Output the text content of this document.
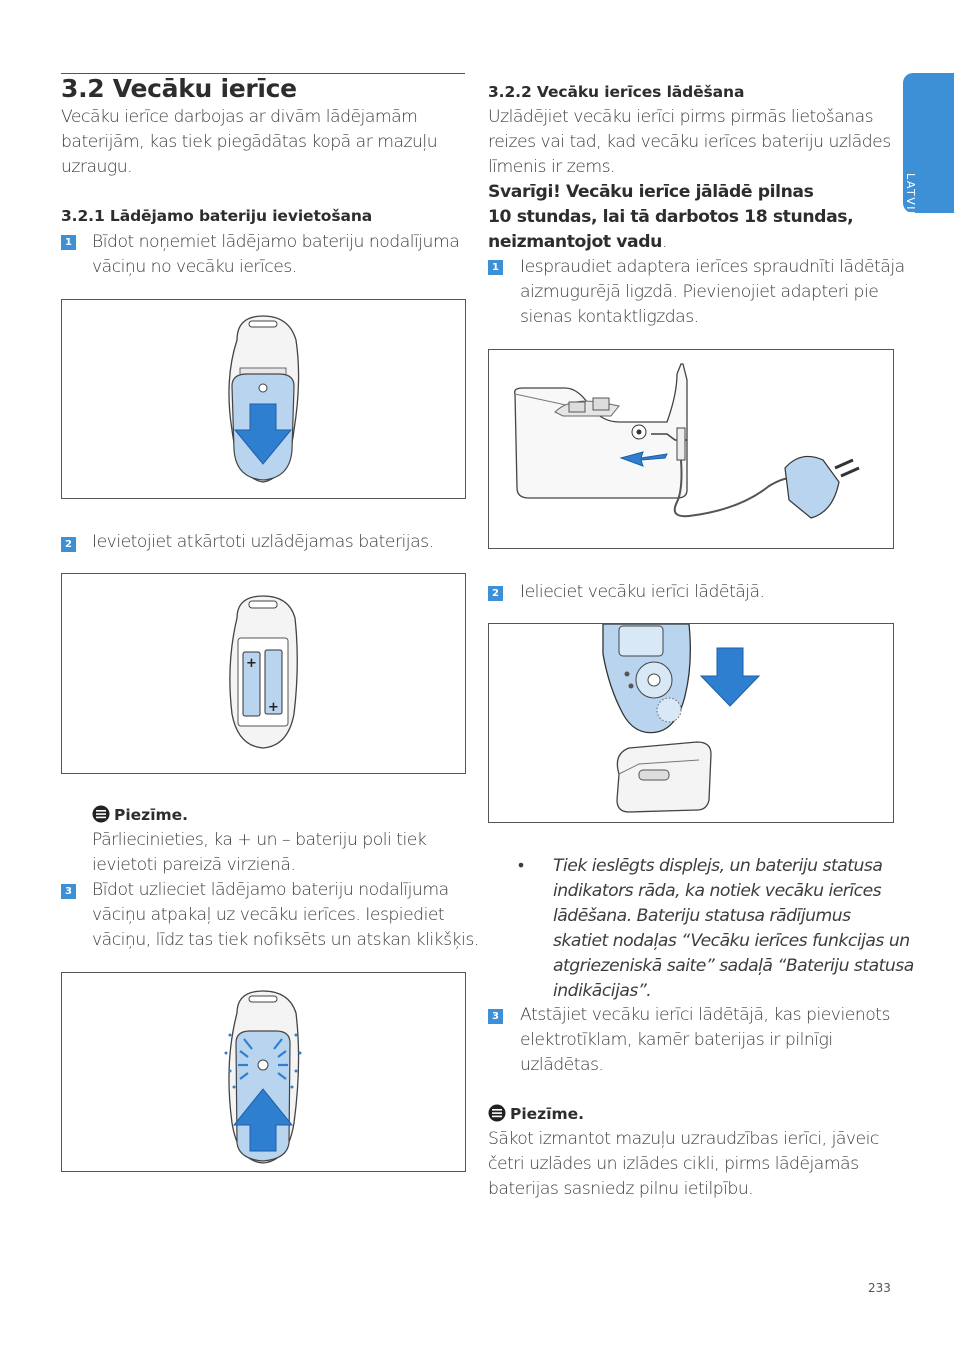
LATVIEŠU
3.2 Vecāku ierīce
Vecāku ierīce darbojas ar divām lādējamām
baterijām, kas tiek piegādātas kopā ar mazuļu
uzraugu.
3.2.1 Lādējamo bateriju ievietošana
1 Bīdot noņemiet lādējamo bateriju nodalījuma
vāciņu no vecāku ierīces.
2 Ievietojiet atkārtoti uzlādējamas baterijas.
+
+
Piezīme.
Pārliecinieties, ka + un – bateriju poli tiek
ievietoti pareizā virzienā.
3 Bīdot uzlieciet lādējamo bateriju nodalījuma
vāciņu atpakaļ uz vecāku ierīces. Iespiediet
vāciņu, līdz tas tiek nofiksēts un atskan klikšķis.
3.2.2 Vecāku ierīces lādēšana
Uzlādējiet vecāku ierīci pirms pirmās lietošanas
reizes vai tad, kad vecāku ierīces bateriju uzlādes
līmenis ir zems.
Svarīgi! Vecāku ierīce jālādē pilnas
10 stundas, lai tā darbotos 18 stundas,
neizmantojot vadu.
1 Iespraudiet adaptera ierīces spraudnīti lādētāja
aizmugurējā ligzdā. Pievienojiet adapteri pie
sienas kontaktligzdas.
2 Ielieciet vecāku ierīci lādētājā.
• Tiek ieslēgts displejs, un bateriju statusa
indikators rāda, ka notiek vecāku ierīces
lādēšana. Bateriju statusa rādījumus
skatiet nodaļas “Vecāku ierīces funkcijas un
atgriezeniskā saite” sadaļā “Bateriju statusa
indikācijas”.
3 Atstājiet vecāku ierīci lādētājā, kas pievienots
elektrotīklam, kamēr baterijas ir pilnīgi
uzlādētas.
Piezīme.
Sākot izmantot mazuļu uzraudzības ierīci, jāveic
četri uzlādes un izlādes cikli, pirms lādējamās
baterijas sasniedz pilnu ietilpību.
233
